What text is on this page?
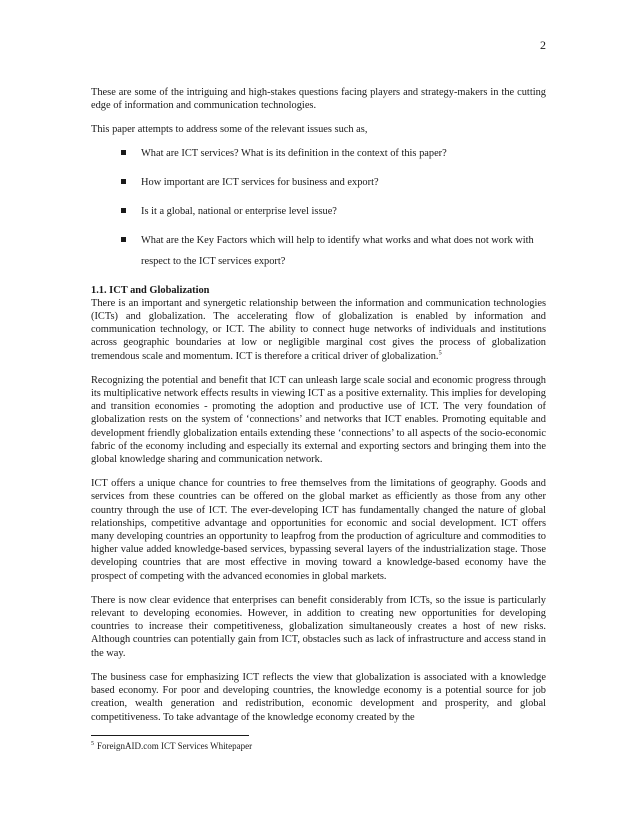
2

These are some of the intriguing and high-stakes questions facing players and strategy-makers in the cutting edge of information and communication technologies.

This paper attempts to address some of the relevant issues such as,

What are ICT services? What is its definition in the context of this paper?
How important are ICT services for business and export?
Is it a global, national or enterprise level issue?
What are the Key Factors which will help to identify what works and what does not work with respect to the ICT services export?
1.1. ICT and Globalization

There is an important and synergetic relationship between the information and communication technologies (ICTs) and globalization. The accelerating flow of globalization is enabled by information and communication technology, or ICT. The ability to connect huge networks of individuals and institutions across geographic boundaries at low or negligible marginal cost gives the process of globalization tremendous scale and momentum. ICT is therefore a critical driver of globalization.$^5$

Recognizing the potential and benefit that ICT can unleash large scale social and economic progress through its multiplicative network effects results in viewing ICT as a positive externality. This implies for developing and transition economies - promoting the adoption and productive use of ICT. The very foundation of globalization rests on the system of ‘connections’ and networks that ICT enables. Promoting equitable and development friendly globalization entails extending these ‘connections’ to all aspects of the socio-economic fabric of the economy including and especially its external and exporting sectors and bringing them into the global knowledge sharing and communication network.

ICT offers a unique chance for countries to free themselves from the limitations of geography. Goods and services from these countries can be offered on the global market as efficiently as those from any other country through the use of ICT. The ever-developing ICT has fundamentally changed the nature of global relationships, competitive advantage and opportunities for economic and social development. ICT offers many developing countries an opportunity to leapfrog from the production of agriculture and commodities to higher value added knowledge-based services, bypassing several layers of the industrialization stage. Those developing countries that are most effective in moving toward a knowledge-based economy have the prospect of competing with the advanced economies in global markets.

There is now clear evidence that enterprises can benefit considerably from ICTs, so the issue is particularly relevant to developing economies. However, in addition to creating new opportunities for developing countries to increase their competitiveness, globalization simultaneously creates a host of new risks. Although countries can potentially gain from ICT, obstacles such as lack of infrastructure and access stand in the way.

The business case for emphasizing ICT reflects the view that globalization is associated with a knowledge based economy. For poor and developing countries, the knowledge economy is a potential source for job creation, wealth generation and redistribution, economic development and prosperity, and global competitiveness. To take advantage of the knowledge economy created by the

$^5$ ForeignAID.com ICT Services Whitepaper
